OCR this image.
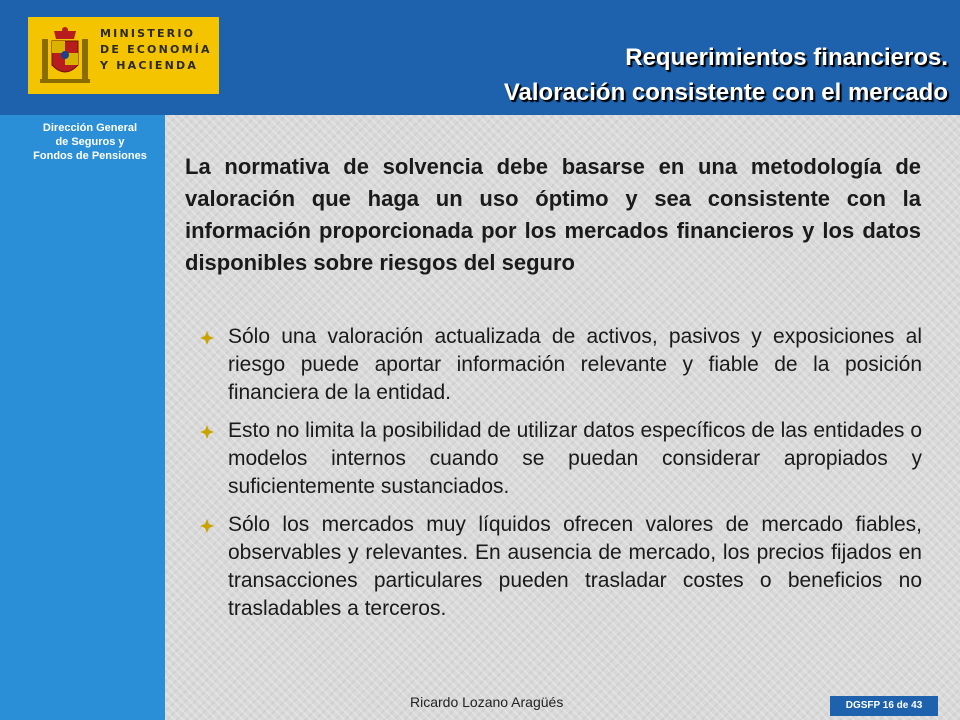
MINISTERIO
DE ECONOMÍA
Y HACIENDA
Dirección General
de Seguros y
Fondos de Pensiones
Requerimientos financieros.
Valoración consistente con el mercado
La normativa de solvencia debe basarse en una metodología de valoración que haga un uso óptimo y sea consistente con la información proporcionada por los mercados financieros y los datos disponibles sobre riesgos del seguro
Sólo una valoración actualizada de activos, pasivos y exposiciones al riesgo puede aportar información relevante y fiable de la posición financiera de la entidad.
Esto no limita la posibilidad de utilizar datos específicos de las entidades o modelos internos cuando se puedan considerar apropiados y suficientemente sustanciados.
Sólo los mercados muy líquidos ofrecen valores de mercado fiables, observables y relevantes. En ausencia de mercado, los precios fijados en transacciones particulares pueden trasladar costes o beneficios no trasladables a terceros.
Ricardo Lozano Aragüés	DGSFP 16 de 43
